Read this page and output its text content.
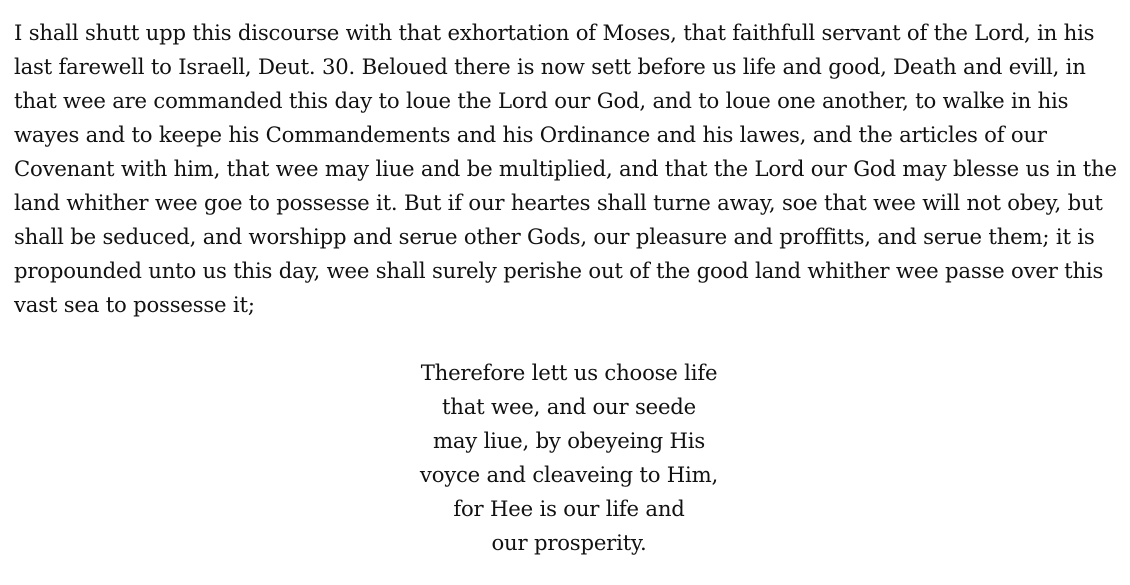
I shall shutt upp this discourse with that exhortation of Moses, that faithfull servant of the Lord, in his
last farewell to Israell, Deut. 30. Beloued there is now sett before us life and good, Death and evill, in
that wee are commanded this day to loue the Lord our God, and to loue one another, to walke in his
wayes and to keepe his Commandements and his Ordinance and his lawes, and the articles of our
Covenant with him, that wee may liue and be multiplied, and that the Lord our God may blesse us in the
land whither wee goe to possesse it. But if our heartes shall turne away, soe that wee will not obey, but
shall be seduced, and worshipp and serue other Gods, our pleasure and proffitts, and serue them; it is
propounded unto us this day, wee shall surely perishe out of the good land whither wee passe over this
vast sea to possesse it;

Therefore lett us choose life
that wee, and our seede
may liue, by obeyeing His
voyce and cleaveing to Him,
for Hee is our life and
our prosperity.
